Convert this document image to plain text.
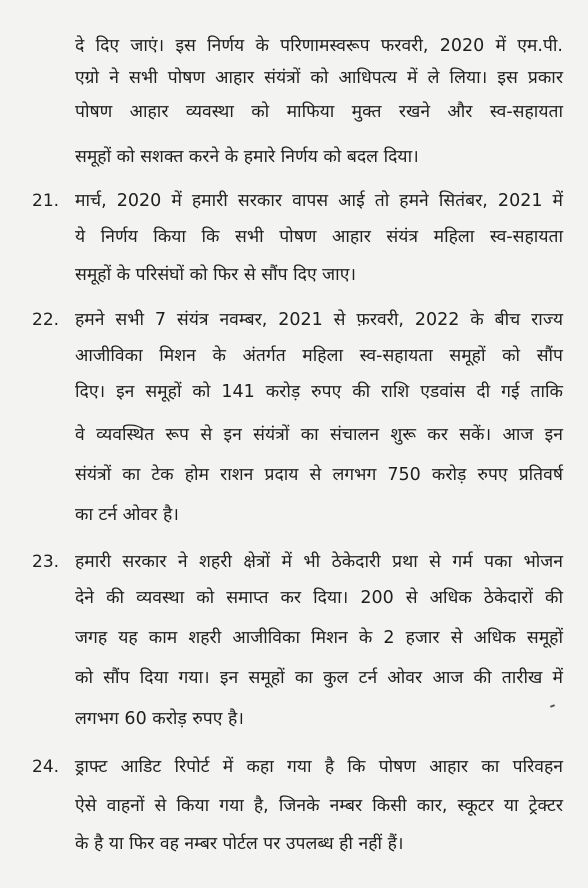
दे दिए जाएं। इस निर्णय के परिणामस्वरूप फरवरी, 2020 में एम.पी.
एग्रो ने सभी पोषण आहार संयंत्रों को आधिपत्य में ले लिया। इस प्रकार
पोषण आहार व्यवस्था को माफिया मुक्त रखने और स्व-सहायता
समूहों को सशक्त करने के हमारे निर्णय को बदल दिया।
21. मार्च, 2020 में हमारी सरकार वापस आई तो हमने सितंबर, 2021 में
ये निर्णय किया कि सभी पोषण आहार संयंत्र महिला स्व-सहायता
समूहों के परिसंघों को फिर से सौंप दिए जाए।
22. हमने सभी 7 संयंत्र नवम्बर, 2021 से फ़रवरी, 2022 के बीच राज्य
आजीविका मिशन के अंतर्गत महिला स्व-सहायता समूहों को सौंप
दिए। इन समूहों को 141 करोड़ रुपए की राशि एडवांस दी गई ताकि
वे व्यवस्थित रूप से इन संयंत्रों का संचालन शुरू कर सकें। आज इन
संयंत्रों का टेक होम राशन प्रदाय से लगभग 750 करोड़ रुपए प्रतिवर्ष
का टर्न ओवर है।
23. हमारी सरकार ने शहरी क्षेत्रों में भी ठेकेदारी प्रथा से गर्म पका भोजन
देने की व्यवस्था को समाप्त कर दिया। 200 से अधिक ठेकेदारों की
जगह यह काम शहरी आजीविका मिशन के 2 हजार से अधिक समूहों
को सौंप दिया गया। इन समूहों का कुल टर्न ओवर आज की तारीख में
लगभग 60 करोड़ रुपए है।
24. ड्राफ्ट आडिट रिपोर्ट में कहा गया है कि पोषण आहार का परिवहन
ऐसे वाहनों से किया गया है, जिनके नम्बर किसी कार, स्कूटर या ट्रेक्टर
के है या फिर वह नम्बर पोर्टल पर उपलब्ध ही नहीं हैं।
